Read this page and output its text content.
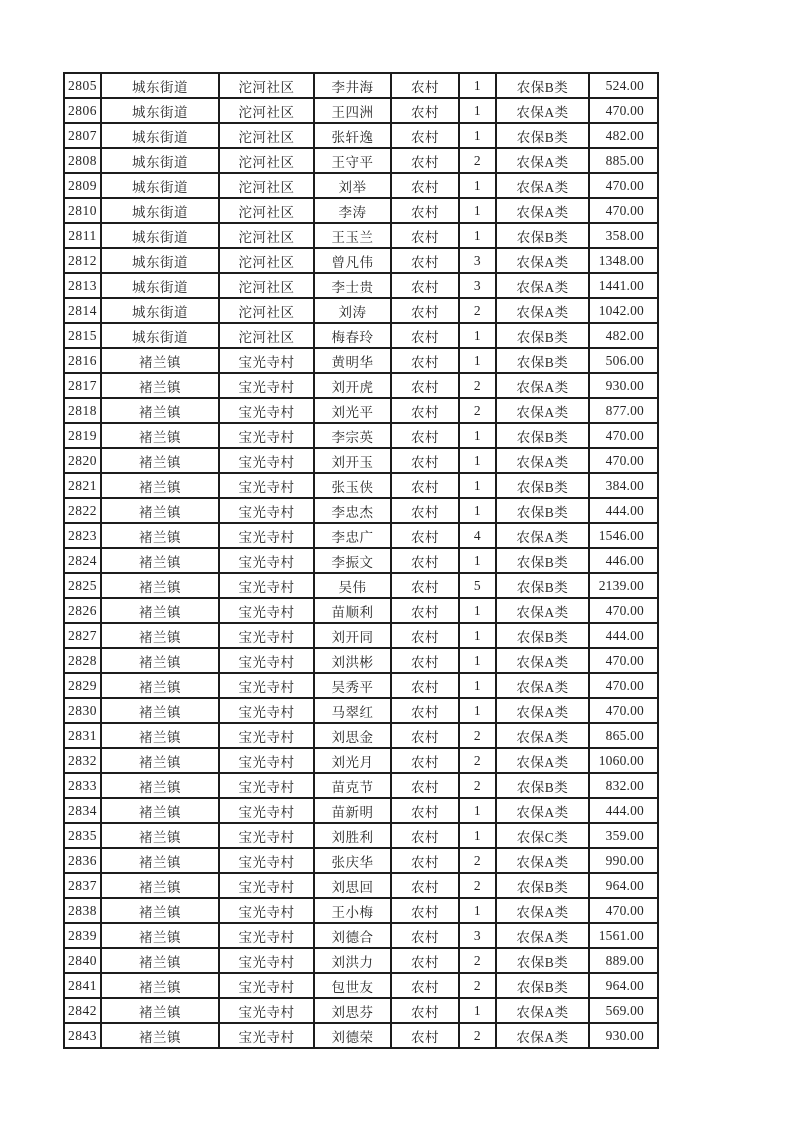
2805	城东街道	沱河社区	李井海	农村	1	农保B类	524.00
2806	城东街道	沱河社区	王四洲	农村	1	农保A类	470.00
2807	城东街道	沱河社区	张轩逸	农村	1	农保B类	482.00
2808	城东街道	沱河社区	王守平	农村	2	农保A类	885.00
2809	城东街道	沱河社区	刘举	农村	1	农保A类	470.00
2810	城东街道	沱河社区	李涛	农村	1	农保A类	470.00
2811	城东街道	沱河社区	王玉兰	农村	1	农保B类	358.00
2812	城东街道	沱河社区	曾凡伟	农村	3	农保A类	1348.00
2813	城东街道	沱河社区	李士贵	农村	3	农保A类	1441.00
2814	城东街道	沱河社区	刘涛	农村	2	农保A类	1042.00
2815	城东街道	沱河社区	梅春玲	农村	1	农保B类	482.00
2816	褚兰镇	宝光寺村	黄明华	农村	1	农保B类	506.00
2817	褚兰镇	宝光寺村	刘开虎	农村	2	农保A类	930.00
2818	褚兰镇	宝光寺村	刘光平	农村	2	农保A类	877.00
2819	褚兰镇	宝光寺村	李宗英	农村	1	农保B类	470.00
2820	褚兰镇	宝光寺村	刘开玉	农村	1	农保A类	470.00
2821	褚兰镇	宝光寺村	张玉侠	农村	1	农保B类	384.00
2822	褚兰镇	宝光寺村	李忠杰	农村	1	农保B类	444.00
2823	褚兰镇	宝光寺村	李忠广	农村	4	农保A类	1546.00
2824	褚兰镇	宝光寺村	李振文	农村	1	农保B类	446.00
2825	褚兰镇	宝光寺村	吴伟	农村	5	农保B类	2139.00
2826	褚兰镇	宝光寺村	苗顺利	农村	1	农保A类	470.00
2827	褚兰镇	宝光寺村	刘开同	农村	1	农保B类	444.00
2828	褚兰镇	宝光寺村	刘洪彬	农村	1	农保A类	470.00
2829	褚兰镇	宝光寺村	吴秀平	农村	1	农保A类	470.00
2830	褚兰镇	宝光寺村	马翠红	农村	1	农保A类	470.00
2831	褚兰镇	宝光寺村	刘思金	农村	2	农保A类	865.00
2832	褚兰镇	宝光寺村	刘光月	农村	2	农保A类	1060.00
2833	褚兰镇	宝光寺村	苗克节	农村	2	农保B类	832.00
2834	褚兰镇	宝光寺村	苗新明	农村	1	农保A类	444.00
2835	褚兰镇	宝光寺村	刘胜利	农村	1	农保C类	359.00
2836	褚兰镇	宝光寺村	张庆华	农村	2	农保A类	990.00
2837	褚兰镇	宝光寺村	刘思回	农村	2	农保B类	964.00
2838	褚兰镇	宝光寺村	王小梅	农村	1	农保A类	470.00
2839	褚兰镇	宝光寺村	刘德合	农村	3	农保A类	1561.00
2840	褚兰镇	宝光寺村	刘洪力	农村	2	农保B类	889.00
2841	褚兰镇	宝光寺村	包世友	农村	2	农保B类	964.00
2842	褚兰镇	宝光寺村	刘思芬	农村	1	农保A类	569.00
2843	褚兰镇	宝光寺村	刘德荣	农村	2	农保A类	930.00
